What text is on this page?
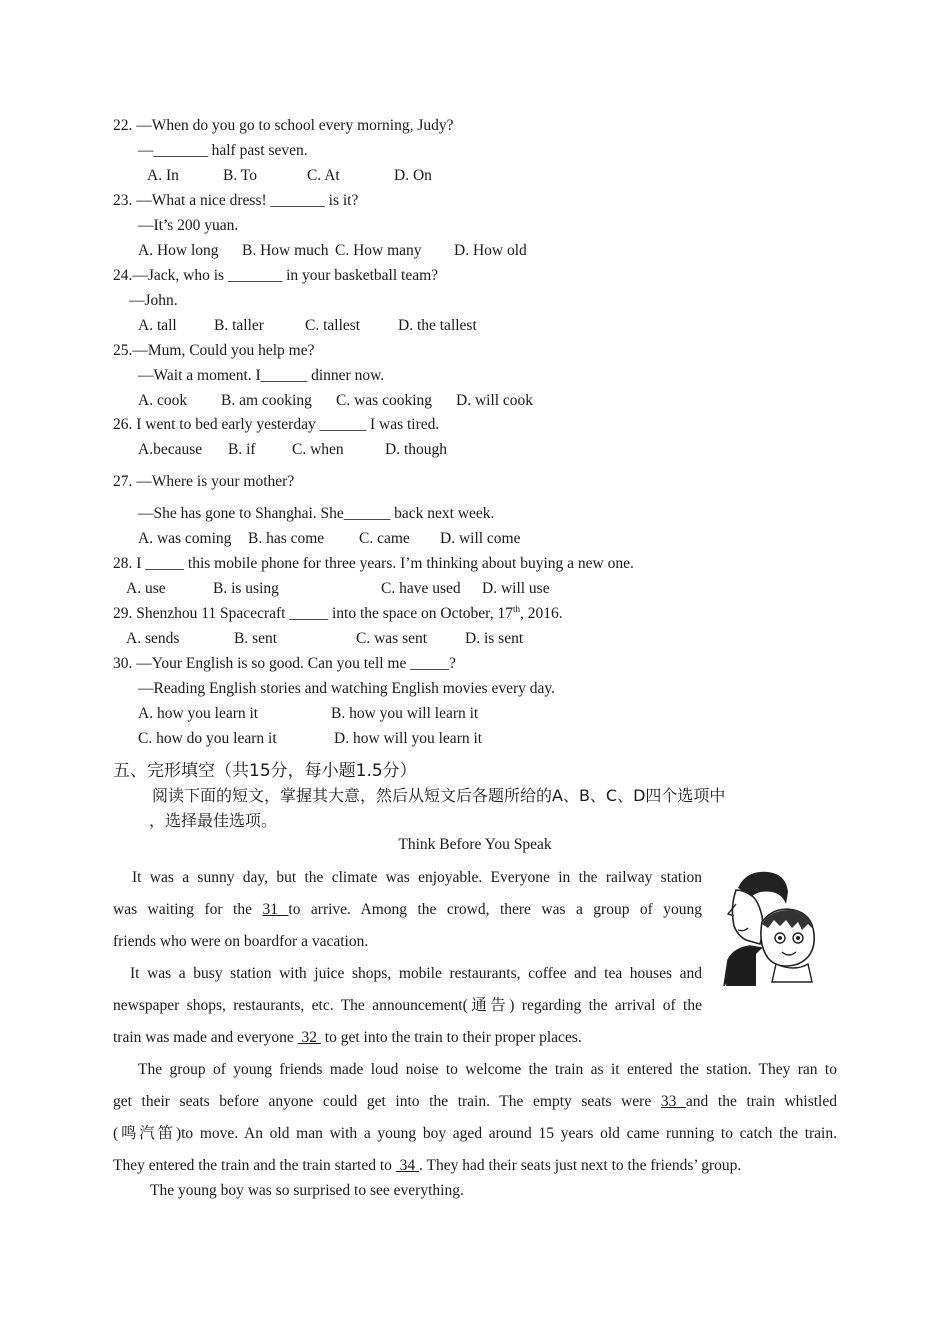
22. —When do you go to school every morning, Judy?
—_______ half past seven.
A. In	B. To	C. At	D. On
23. —What a nice dress! _______ is it?
—It’s 200 yuan.
A. How long B. How much C. How many D. How old
24.—Jack, who is _______ in your basketball team?
—John.
A. tall B. taller	C. tallest D. the tallest
25.—Mum, Could you help me?
—Wait a moment. I______ dinner now.
A. cook B. am cooking C. was cooking D. will cook
26. I went to bed early yesterday ______ I was tired.
A.because B. if C. when	D. though
27. —Where is your mother?
—She has gone to Shanghai. She______ back next week.
A. was coming B. has come C. came D. will come
28. I _____ this mobile phone for three years. I’m thinking about buying a new one.
A. use	B. is using	C. have used D. will use
29. Shenzhou 11 Spacecraft _____ into the space on October, 17th, 2016.
A. sends	B. sent	C. was sent D. is sent
30. —Your English is so good. Can you tell me _____?
—Reading English stories and watching English movies every day.
A. how you learn it	B. how you will learn it
C. how do you learn it	D. how will you learn it
五、完形填空（共15分，每小题1.5分）
阅读下面的短文，掌握其大意，然后从短文后各题所给的A、B、C、D四个选项中
，选择最佳选项。
Think Before You Speak
It was a sunny day, but the climate was enjoyable. Everyone in the railway station
was waiting for the 31 to arrive. Among the crowd, there was a group of young
friends who were on boardfor a vacation.
It was a busy station with juice shops, mobile restaurants, coffee and tea houses and
newspaper shops, restaurants, etc. The announcement(通告) regarding the arrival of the
train was made and everyone  32  to get into the train to their proper places.
The group of young friends made loud noise to welcome the train as it entered the station. They ran to
get their seats before anyone could get into the train. The empty seats were 33 and the train whistled
(鸣汽笛)to move. An old man with a young boy aged around 15 years old came running to catch the train.
They entered the train and the train started to  34 . They had their seats just next to the friends’ group.
The young boy was so surprised to see everything.
